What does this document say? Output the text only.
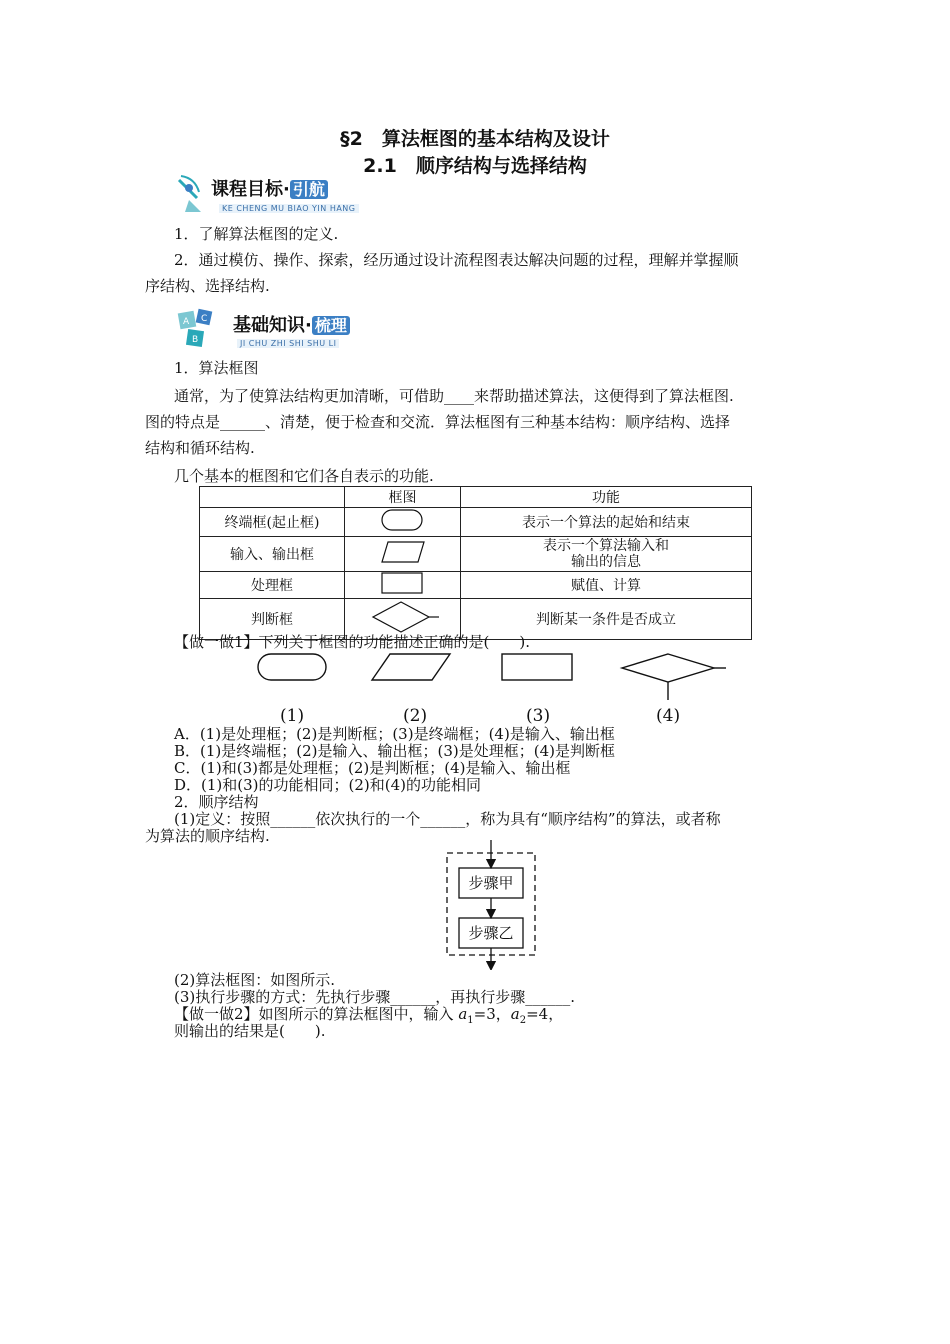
§2　算法框图的基本结构及设计
2.1　顺序结构与选择结构
课程目标· 引航
KE CHENG MU BIAO YIN HANG
1．了解算法框图的定义.
2．通过模仿、操作、探索，经历通过设计流程图表达解决问题的过程，理解并掌握顺
序结构、选择结构.
C
B
A 基础知识· 梳理
JI CHU ZHI SHI SHU LI
1．算法框图
通常，为了使算法结构更加清晰，可借助____来帮助描述算法，这便得到了算法框图.
图的特点是______、清楚，便于检查和交流．算法框图有三种基本结构：顺序结构、选择
结构和循环结构.
几个基本的框图和它们各自表示的功能.
	框图	功能
终端框(起止框)		表示一个算法的起始和结束
输入、输出框		表示一个算法输入和
输出的信息
处理框		赋值、计算
判断框		判断某一条件是否成立
【做一做1】下列关于框图的功能描述正确的是(　　).
(1)	(2)	(3)	(4)
A．(1)是处理框；(2)是判断框；(3)是终端框；(4)是输入、输出框
B．(1)是终端框；(2)是输入、输出框；(3)是处理框；(4)是判断框
C．(1)和(3)都是处理框；(2)是判断框；(4)是输入、输出框
D．(1)和(3)的功能相同；(2)和(4)的功能相同
2．顺序结构
(1)定义：按照______依次执行的一个______，称为具有“顺序结构”的算法，或者称
为算法的顺序结构.
步骤甲
步骤乙
(2)算法框图：如图所示.
(3)执行步骤的方式：先执行步骤______，再执行步骤______.
【做一做2】如图所示的算法框图中，输入 $a_1=3$，$a_2=4$，
则输出的结果是(　　).
